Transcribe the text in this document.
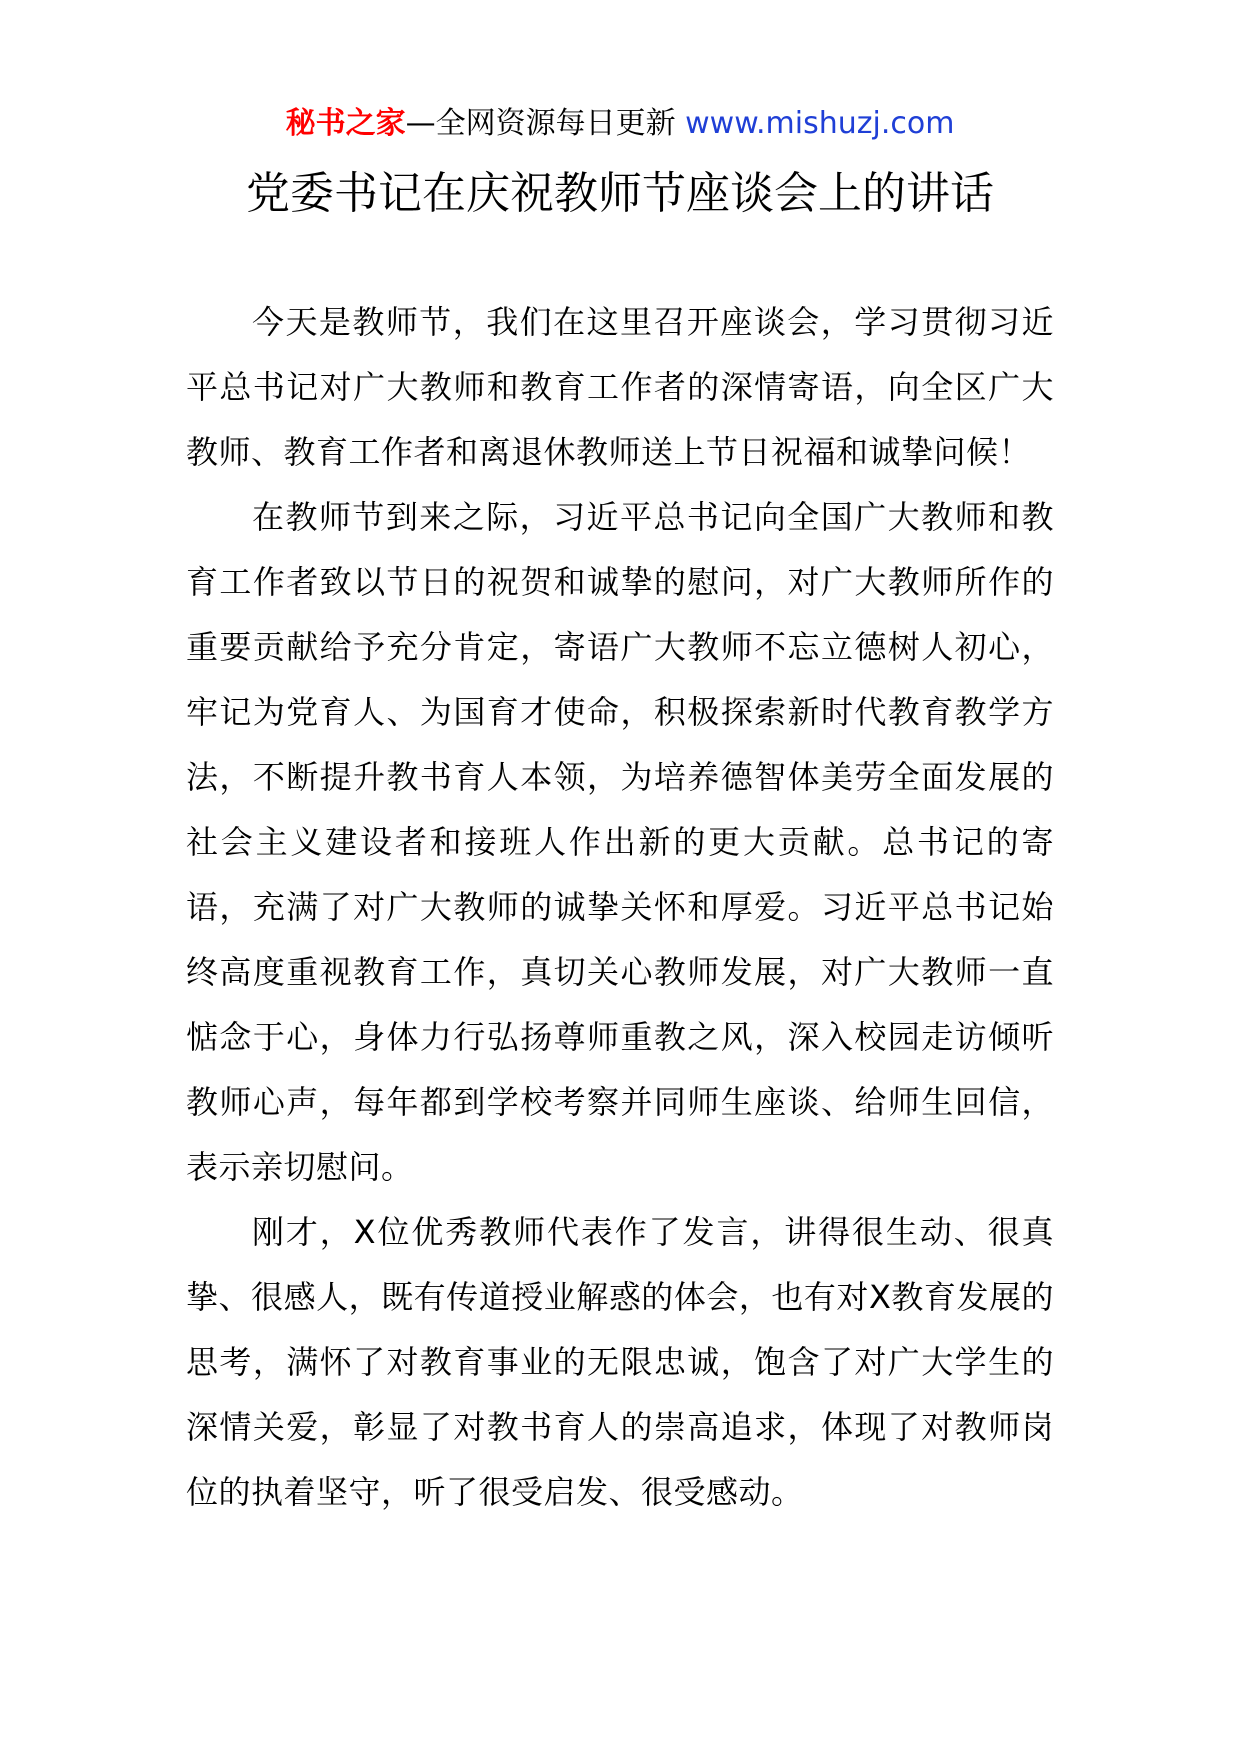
秘书之家—全网资源每日更新 www.mishuzj.com
党委书记在庆祝教师节座谈会上的讲话

今天是教师节，我们在这里召开座谈会，学习贯彻习近平总书记对广大教师和教育工作者的深情寄语，向全区广大教师、教育工作者和离退休教师送上节日祝福和诚挚问候！

在教师节到来之际，习近平总书记向全国广大教师和教育工作者致以节日的祝贺和诚挚的慰问，对广大教师所作的重要贡献给予充分肯定，寄语广大教师不忘立德树人初心，牢记为党育人、为国育才使命，积极探索新时代教育教学方法，不断提升教书育人本领，为培养德智体美劳全面发展的社会主义建设者和接班人作出新的更大贡献。总书记的寄语，充满了对广大教师的诚挚关怀和厚爱。习近平总书记始终高度重视教育工作，真切关心教师发展，对广大教师一直惦念于心，身体力行弘扬尊师重教之风，深入校园走访倾听教师心声，每年都到学校考察并同师生座谈、给师生回信，表示亲切慰问。

刚才，X位优秀教师代表作了发言，讲得很生动、很真挚、很感人，既有传道授业解惑的体会，也有对X教育发展的思考，满怀了对教育事业的无限忠诚，饱含了对广大学生的深情关爱，彰显了对教书育人的崇高追求，体现了对教师岗位的执着坚守，听了很受启发、很受感动。
